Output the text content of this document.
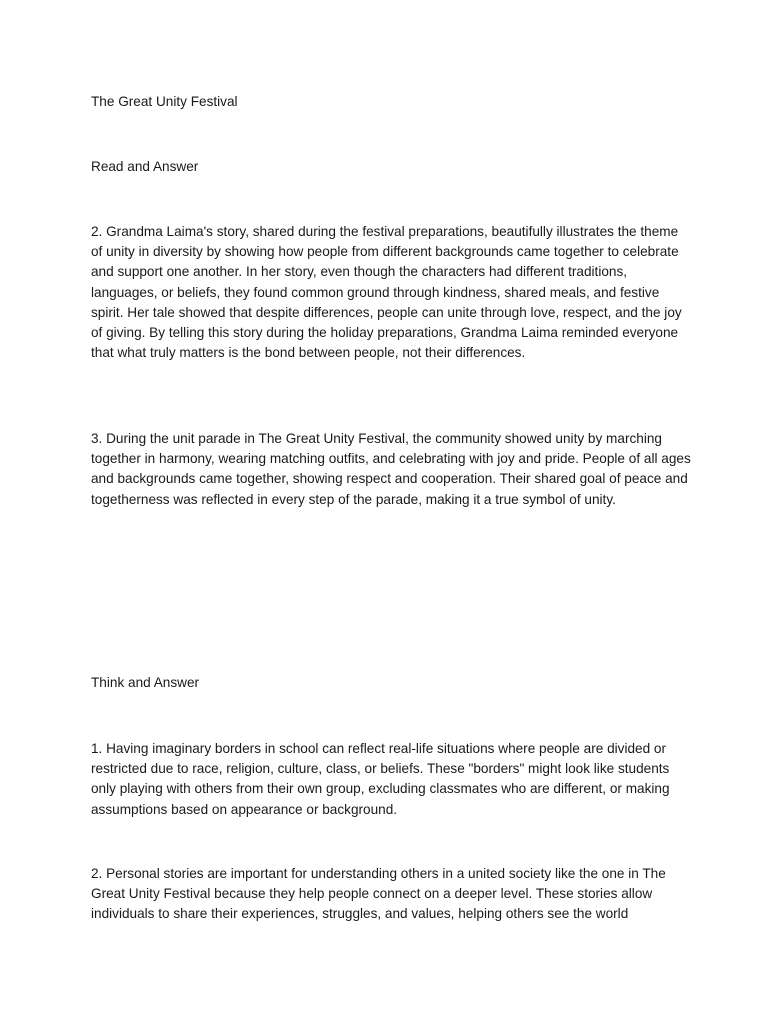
The Great Unity Festival

Read and Answer

2. Grandma Laima's story, shared during the festival preparations, beautifully illustrates the theme of unity in diversity by showing how people from different backgrounds came together to celebrate and support one another. In her story, even though the characters had different traditions, languages, or beliefs, they found common ground through kindness, shared meals, and festive spirit. Her tale showed that despite differences, people can unite through love, respect, and the joy of giving. By telling this story during the holiday preparations, Grandma Laima reminded everyone that what truly matters is the bond between people, not their differences.

3. During the unit parade in The Great Unity Festival, the community showed unity by marching together in harmony, wearing matching outfits, and celebrating with joy and pride. People of all ages and backgrounds came together, showing respect and cooperation. Their shared goal of peace and togetherness was reflected in every step of the parade, making it a true symbol of unity.

Think and Answer

1. Having imaginary borders in school can reflect real-life situations where people are divided or restricted due to race, religion, culture, class, or beliefs. These "borders" might look like students only playing with others from their own group, excluding classmates who are different, or making assumptions based on appearance or background.

2. Personal stories are important for understanding others in a united society like the one in The Great Unity Festival because they help people connect on a deeper level. These stories allow individuals to share their experiences, struggles, and values, helping others see the world
